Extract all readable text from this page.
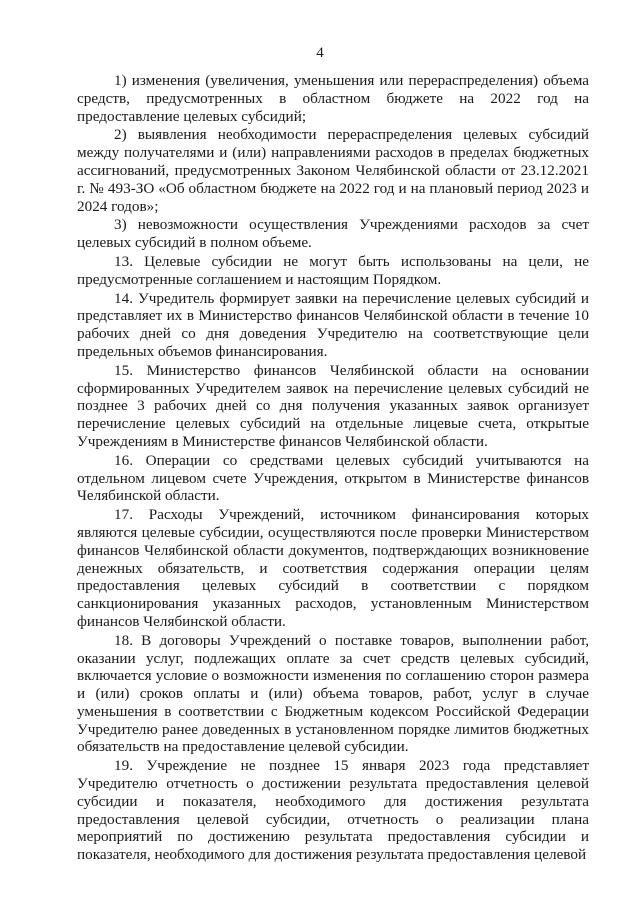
4

1) изменения (увеличения, уменьшения или перераспределения) объема средств, предусмотренных в областном бюджете на 2022 год на предоставление целевых субсидий;

2) выявления необходимости перераспределения целевых субсидий между получателями и (или) направлениями расходов в пределах бюджетных ассигнований, предусмотренных Законом Челябинской области от 23.12.2021 г. № 493-ЗО «Об областном бюджете на 2022 год и на плановый период 2023 и 2024 годов»;

3) невозможности осуществления Учреждениями расходов за счет целевых субсидий в полном объеме.

13. Целевые субсидии не могут быть использованы на цели, не предусмотренные соглашением и настоящим Порядком.

14. Учредитель формирует заявки на перечисление целевых субсидий и представляет их в Министерство финансов Челябинской области в течение 10 рабочих дней со дня доведения Учредителю на соответствующие цели предельных объемов финансирования.

15. Министерство финансов Челябинской области на основании сформированных Учредителем заявок на перечисление целевых субсидий не позднее 3 рабочих дней со дня получения указанных заявок организует перечисление целевых субсидий на отдельные лицевые счета, открытые Учреждениям в Министерстве финансов Челябинской области.

16. Операции со средствами целевых субсидий учитываются на отдельном лицевом счете Учреждения, открытом в Министерстве финансов Челябинской области.

17. Расходы Учреждений, источником финансирования которых являются целевые субсидии, осуществляются после проверки Министерством финансов Челябинской области документов, подтверждающих возникновение денежных обязательств, и соответствия содержания операции целям предоставления целевых субсидий в соответствии с порядком санкционирования указанных расходов, установленным Министерством финансов Челябинской области.

18. В договоры Учреждений о поставке товаров, выполнении работ, оказании услуг, подлежащих оплате за счет средств целевых субсидий, включается условие о возможности изменения по соглашению сторон размера и (или) сроков оплаты и (или) объема товаров, работ, услуг в случае уменьшения в соответствии с Бюджетным кодексом Российской Федерации Учредителю ранее доведенных в установленном порядке лимитов бюджетных обязательств на предоставление целевой субсидии.

19. Учреждение не позднее 15 января 2023 года представляет Учредителю отчетность о достижении результата предоставления целевой субсидии и показателя, необходимого для достижения результата предоставления целевой субсидии, отчетность о реализации плана мероприятий по достижению результата предоставления субсидии и показателя, необходимого для достижения результата предоставления целевой
